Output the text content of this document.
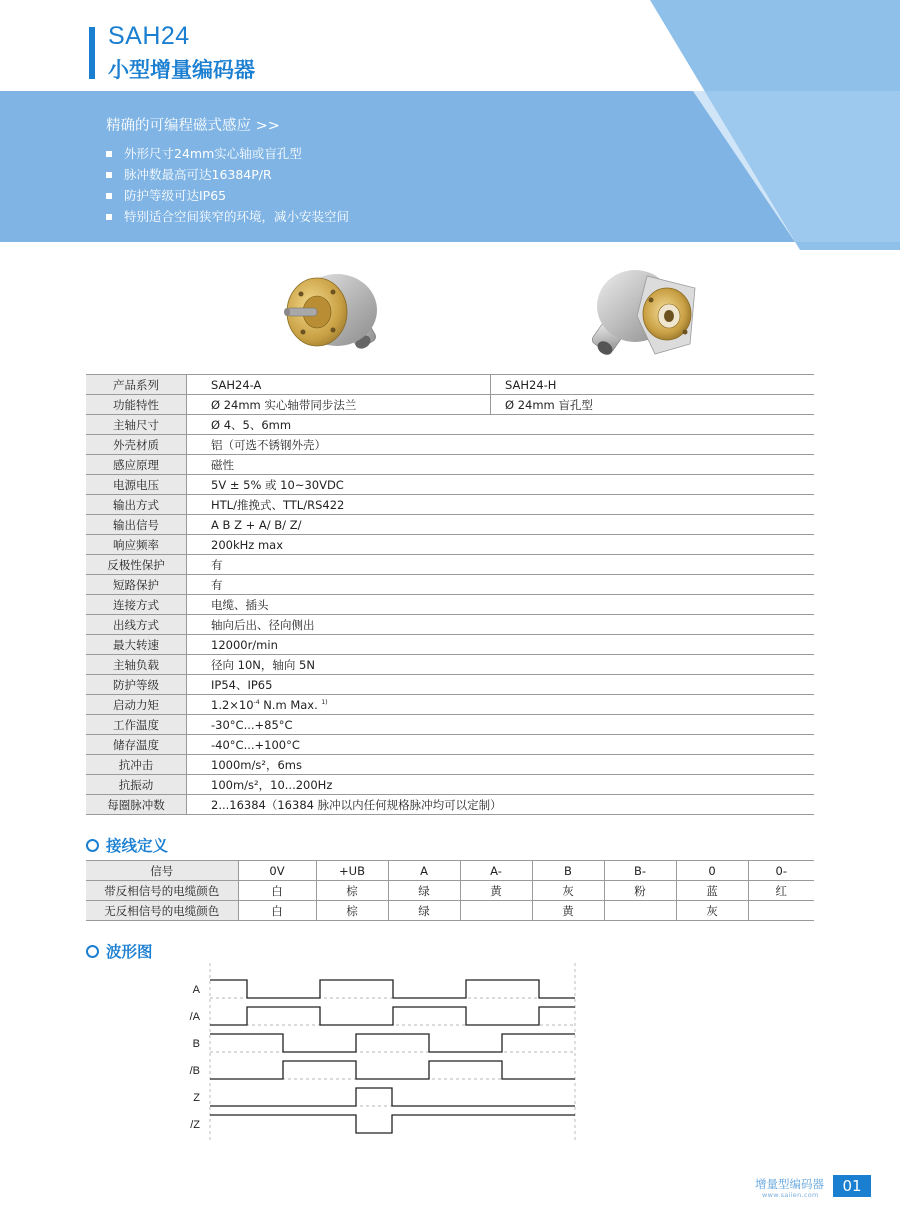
SAH24
小型增量编码器
精确的可编程磁式感应 >>
外形尺寸24mm实心轴或盲孔型
脉冲数最高可达16384P/R
防护等级可达IP65
特别适合空间狭窄的环境，减小安装空间
产品系列		SAH24-A	SAH24-H
功能特性		Ø 24mm 实心轴带同步法兰	Ø 24mm 盲孔型
主轴尺寸		Ø 4、5、6mm	
外壳材质		铝（可选不锈钢外壳）	
感应原理		磁性	
电源电压		5V ± 5% 或 10~30VDC	
输出方式		HTL/推挽式、TTL/RS422	
输出信号		A B Z + A/ B/ Z/	
响应频率		200kHz max	
反极性保护		有	
短路保护		有	
连接方式		电缆、插头	
出线方式		轴向后出、径向侧出	
最大转速		12000r/min	
主轴负载		径向 10N，轴向 5N	
防护等级		IP54、IP65	
启动力矩		$1.2\times 10^{-4}$ N.m Max. $^{1)}$
工作温度		-30°C...+85°C	
储存温度		-40°C...+100°C	
抗冲击		1000m/s²，6ms	
抗振动		100m/s²，10...200Hz	
每圈脉冲数		2...16384（16384 脉冲以内任何规格脉冲均可以定制）	
接线定义
信号	0V	+UB	A	A-	B	B-	0	0-
带反相信号的电缆颜色	白	棕	绿	黄	灰	粉	蓝	红
无反相信号的电缆颜色	白	棕	绿		黄		灰	
波形图
A
/A
B
/B
Z
/Z
增量型编码器
www.saiien.com	01
